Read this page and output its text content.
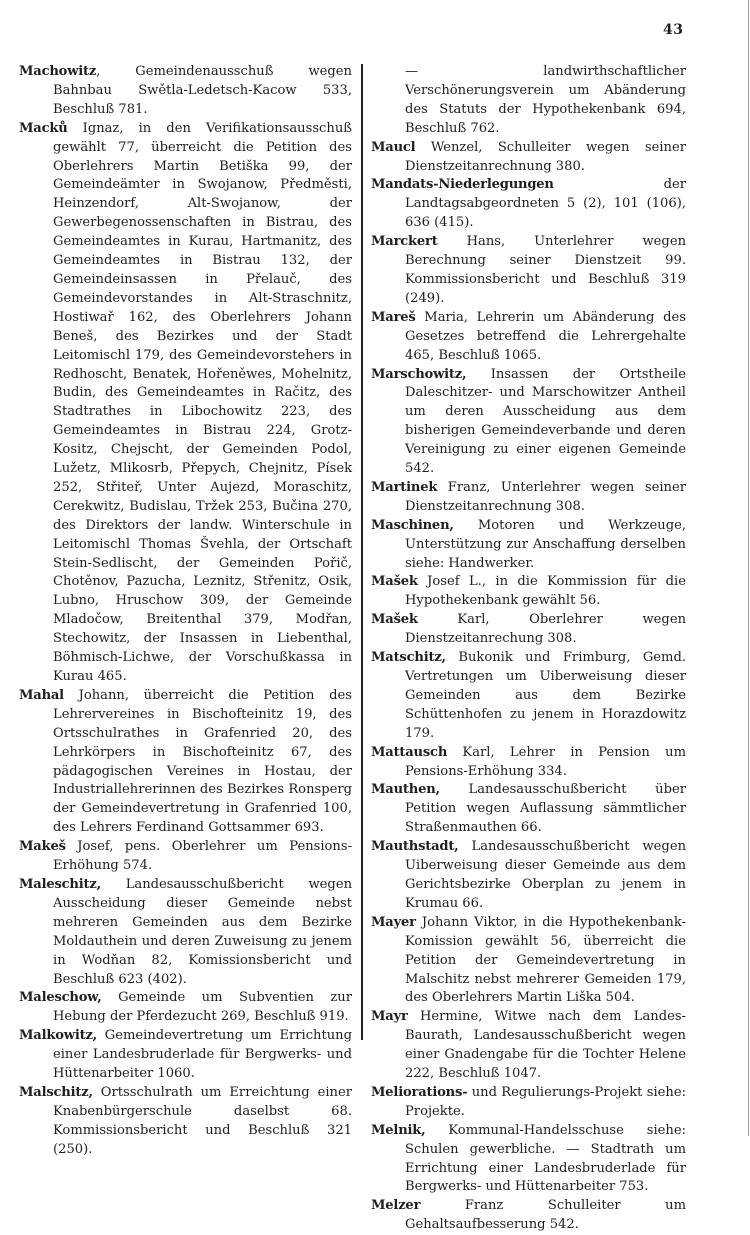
43

Machowitz, Gemeindenausschuß wegen Bahnbau Swětla-Ledetsch-Kacow 533, Beschluß 781.

Macků Ignaz, in den Verifikationsausschuß gewählt 77, überreicht die Petition des Oberlehrers Martin Betiška 99, der Gemeindeämter in Swojanow, Předměsti, Heinzendorf, Alt-Swojanow, der Gewerbegenossenschaften in Bistrau, des Gemeindeamtes in Kurau, Hartmanitz, des Gemeindeamtes in Bistrau 132, der Gemeindeinsassen in Přelauč, des Gemeindevorstandes in Alt-Straschnitz, Hostiwař 162, des Oberlehrers Johann Beneš, des Bezirkes und der Stadt Leitomischl 179, des Gemeindevorstehers in Redhoscht, Benatek, Hořeněwes, Mohelnitz, Budin, des Gemeindeamtes in Račitz, des Stadtrathes in Libochowitz 223, des Gemeindeamtes in Bistrau 224, Grotz-Kositz, Chejscht, der Gemeinden Podol, Lužetz, Mlikosrb, Přepych, Chejnitz, Písek 252, Střiteř, Unter Aujezd, Moraschitz, Cerekwitz, Budislau, Tržek 253, Bučina 270, des Direktors der landw. Winterschule in Leitomischl Thomas Švehla, der Ortschaft Stein-Sedlischt, der Gemeinden Pořič, Chotěnov, Pazucha, Leznitz, Střenitz, Osik, Lubno, Hruschow 309, der Gemeinde Mladočow, Breitenthal 379, Modřan, Stechowitz, der Insassen in Liebenthal, Böhmisch-Lichwe, der Vorschußkassa in Kurau 465.

Mahal Johann, überreicht die Petition des Lehrervereines in Bischofteinitz 19, des Ortsschulrathes in Grafenried 20, des Lehrkörpers in Bischofteinitz 67, des pädagogischen Vereines in Hostau, der Industriallehrerinnen des Bezirkes Ronsperg der Gemeindevertretung in Grafenried 100, des Lehrers Ferdinand Gottsammer 693.

Makeš Josef, pens. Oberlehrer um Pensions-Erhöhung 574.

Maleschitz, Landesausschußbericht wegen Ausscheidung dieser Gemeinde nebst mehreren Gemeinden aus dem Bezirke Moldauthein und deren Zuweisung zu jenem in Wodňan 82, Komissionsbericht und Beschluß 623 (402).

Maleschow, Gemeinde um Subventien zur Hebung der Pferdezucht 269, Beschluß 919.

Malkowitz, Gemeindevertretung um Errichtung einer Landesbruderlade für Bergwerks- und Hüttenarbeiter 1060.

Malschitz, Ortsschulrath um Erreichtung einer Knabenbürgerschule daselbst 68. Kommissionsbericht und Beschluß 321 (250).

— landwirthschaftlicher Verschönerungsverein um Abänderung des Statuts der Hypothekenbank 694, Beschluß 762.

Maucl Wenzel, Schulleiter wegen seiner Dienstzeitanrechnung 380.

Mandats-Niederlegungen der Landtagsabgeordneten 5 (2), 101 (106), 636 (415).

Marckert Hans, Unterlehrer wegen Berechnung seiner Dienstzeit 99. Kommissionsbericht und Beschluß 319 (249).

Mareš Maria, Lehrerin um Abänderung des Gesetzes betreffend die Lehrergehalte 465, Beschluß 1065.

Marschowitz, Insassen der Ortstheile Daleschitzer- und Marschowitzer Antheil um deren Ausscheidung aus dem bisherigen Gemeindeverbande und deren Vereinigung zu einer eigenen Gemeinde 542.

Martinek Franz, Unterlehrer wegen seiner Dienstzeitanrechnung 308.

Maschinen, Motoren und Werkzeuge, Unterstützung zur Anschaffung derselben siehe: Handwerker.

Mašek Josef L., in die Kommission für die Hypothekenbank gewählt 56.

Mašek Karl, Oberlehrer wegen Dienstzeitanrechung 308.

Matschitz, Bukonik und Frimburg, Gemd. Vertretungen um Uiberweisung dieser Gemeinden aus dem Bezirke Schüttenhofen zu jenem in Horazdowitz 179.

Mattausch Karl, Lehrer in Pension um Pensions-Erhöhung 334.

Mauthen, Landesausschußbericht über Petition wegen Auflassung sämmtlicher Straßenmauthen 66.

Mauthstadt, Landesausschußbericht wegen Uiberweisung dieser Gemeinde aus dem Gerichtsbezirke Oberplan zu jenem in Krumau 66.

Mayer Johann Viktor, in die Hypothekenbank-Komission gewählt 56, überreicht die Petition der Gemeindevertretung in Malschitz nebst mehrerer Gemeiden 179, des Oberlehrers Martin Liška 504.

Mayr Hermine, Witwe nach dem Landes-Baurath, Landesausschußbericht wegen einer Gnadengabe für die Tochter Helene 222, Beschluß 1047.

Meliorations- und Regulierungs-Projekt siehe: Projekte.

Melnik, Kommunal-Handelsschuse siehe: Schulen gewerbliche. — Stadtrath um Errichtung einer Landesbruderlade für Bergwerks- und Hüttenarbeiter 753.

Melzer Franz Schulleiter um Gehaltsaufbesserung 542.
